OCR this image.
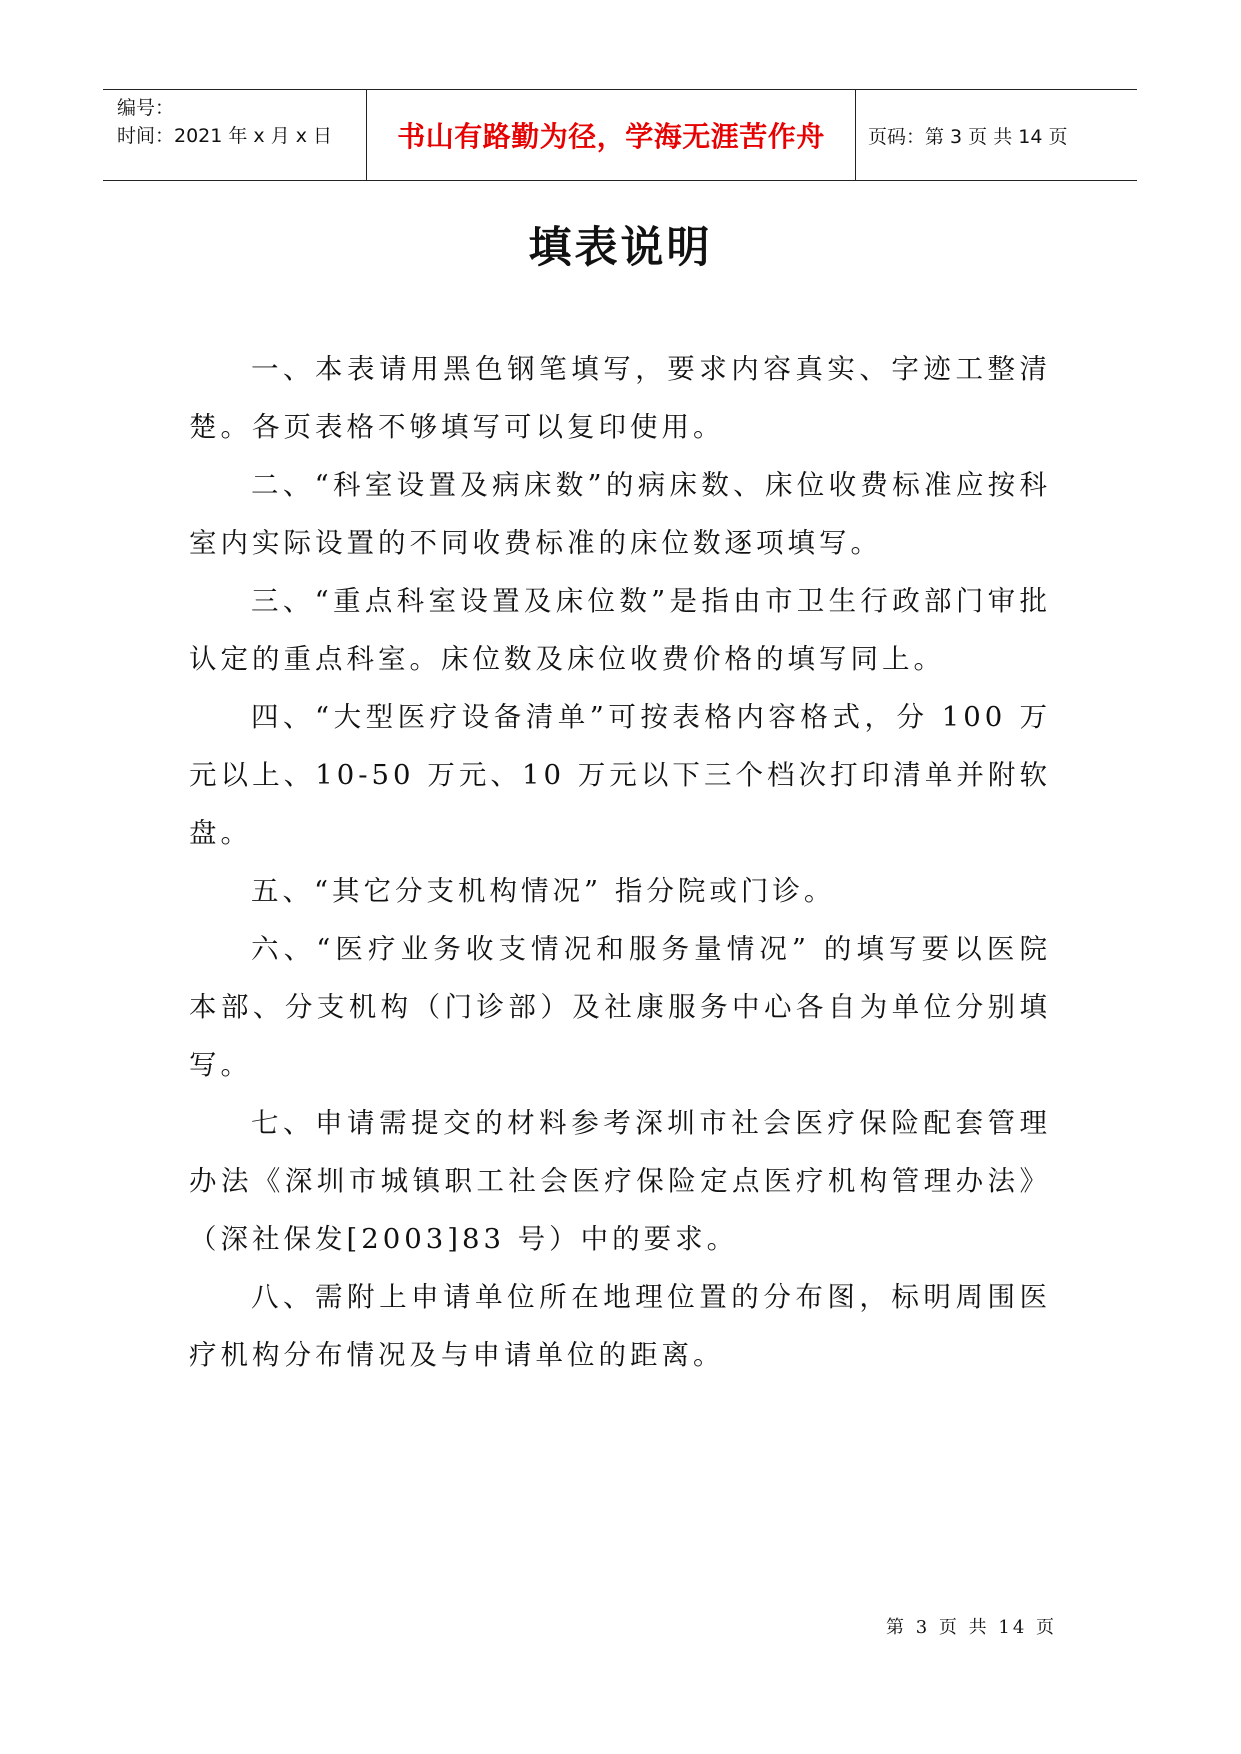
编号：
时间：2021 年 x 月 x 日	书山有路勤为径，学海无涯苦作舟 页码：第 3 页 共 14 页
填表说明

一、本表请用黑色钢笔填写，要求内容真实、字迹工整清楚。各页表格不够填写可以复印使用。

二、“科室设置及病床数”的病床数、床位收费标准应按科室内实际设置的不同收费标准的床位数逐项填写。

三、“重点科室设置及床位数”是指由市卫生行政部门审批认定的重点科室。床位数及床位收费价格的填写同上。

四、“大型医疗设备清单”可按表格内容格式，分 100 万元以上、10-50 万元、10 万元以下三个档次打印清单并附软盘。

五、“其它分支机构情况” 指分院或门诊。

六、“医疗业务收支情况和服务量情况” 的填写要以医院本部、分支机构（门诊部）及社康服务中心各自为单位分别填写。

七、申请需提交的材料参考深圳市社会医疗保险配套管理办法《深圳市城镇职工社会医疗保险定点医疗机构管理办法》（深社保发[2003]83 号）中的要求。

八、需附上申请单位所在地理位置的分布图，标明周围医疗机构分布情况及与申请单位的距离。

第 3 页 共 14 页
